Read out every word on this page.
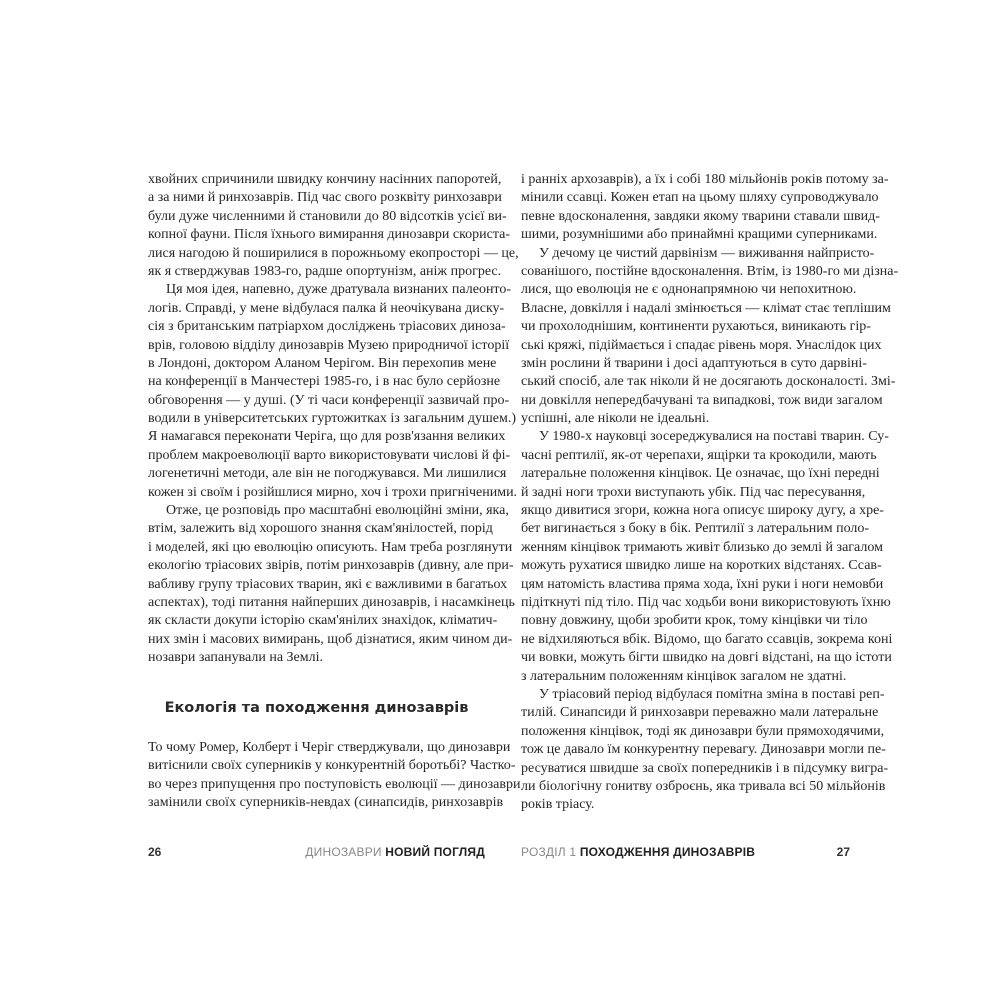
хвойних спричинили швидку кончину насінних папоротей,
а за ними й ринхозаврів. Під час свого розквіту ринхозаври
були дуже численними й становили до 80 відсотків усієї ви-
копної фауни. Після їхнього вимирання динозаври скориста-
лися нагодою й поширилися в порожньому екопросторі — це,
як я стверджував 1983-го, радше опортунізм, аніж прогрес.
Ця моя ідея, напевно, дуже дратувала визнаних палеонто-
логів. Справді, у мене відбулася палка й неочікувана диску-
сія з британським патріархом досліджень тріасових диноза-
врів, головою відділу динозаврів Музею природничої історії
в Лондоні, доктором Аланом Черігом. Він перехопив мене
на конференції в Манчестері 1985-го, і в нас було серйозне
обговорення — у душі. (У ті часи конференції зазвичай про-
водили в університетських гуртожитках із загальним душем.)
Я намагався переконати Черіга, що для розв'язання великих
проблем макроеволюції варто використовувати числові й фі-
логенетичні методи, але він не погоджувався. Ми лишилися
кожен зі своїм і розійшлися мирно, хоч і трохи пригніченими.
Отже, це розповідь про масштабні еволюційні зміни, яка,
втім, залежить від хорошого знання скам'янілостей, порід
і моделей, які цю еволюцію описують. Нам треба розглянути
екологію тріасових звірів, потім ринхозаврів (дивну, але при-
вабливу групу тріасових тварин, які є важливими в багатьох
аспектах), тоді питання найперших динозаврів, і насамкінець
як скласти докупи історію скам'янілих знахідок, кліматич-
них змін і масових вимирань, щоб дізнатися, яким чином ди-
нозаври запанували на Землі.
Екологія та походження динозаврів
То чому Ромер, Колберт і Черіг стверджували, що динозаври
витіснили своїх суперників у конкурентній боротьбі? Частко-
во через припущення про поступовість еволюції — динозаври
замінили своїх суперників-невдах (синапсидів, ринхозаврів
і ранніх архозаврів), а їх і собі 180 мільйонів років потому за-
мінили ссавці. Кожен етап на цьому шляху супроводжувало
певне вдосконалення, завдяки якому тварини ставали швид-
шими, розумнішими або принаймні кращими суперниками.
У дечому це чистий дарвінізм — виживання найпристо-
сованішого, постійне вдосконалення. Втім, із 1980-го ми дізна-
лися, що еволюція не є однонапрямною чи непохитною.
Власне, довкілля і надалі змінюється — клімат стає теплішим
чи прохолоднішим, континенти рухаються, виникають гір-
ські кряжі, підіймається і спадає рівень моря. Унаслідок цих
змін рослини й тварини і досі адаптуються в суто дарвіні-
ський спосіб, але так ніколи й не досягають досконалості. Змі-
ни довкілля непередбачувані та випадкові, тож види загалом
успішні, але ніколи не ідеальні.
У 1980-х науковці зосереджувалися на поставі тварин. Су-
часні рептилії, як-от черепахи, ящірки та крокодили, мають
латеральне положення кінцівок. Це означає, що їхні передні
й задні ноги трохи виступають убік. Під час пересування,
якщо дивитися згори, кожна нога описує широку дугу, а хре-
бет вигинається з боку в бік. Рептилії з латеральним поло-
женням кінцівок тримають живіт близько до землі й загалом
можуть рухатися швидко лише на коротких відстанях. Ссав-
цям натомість властива пряма хода, їхні руки і ноги немовби
підіткнуті під тіло. Під час ходьби вони використовують їхню
повну довжину, щоби зробити крок, тому кінцівки чи тіло
не відхиляються вбік. Відомо, що багато ссавців, зокрема коні
чи вовки, можуть бігти швидко на довгі відстані, на що істоти
з латеральним положенням кінцівок загалом не здатні.
У тріасовий період відбулася помітна зміна в поставі реп-
тилій. Синапсиди й ринхозаври переважно мали латеральне
положення кінцівок, тоді як динозаври були прямоходячими,
тож це давало їм конкурентну перевагу. Динозаври могли пе-
ресуватися швидше за своїх попередників і в підсумку вигра-
ли біологічну гонитву озброєнь, яка тривала всі 50 мільйонів
років тріасу.
26	ДИНОЗАВРИ НОВИЙ ПОГЛЯД	РОЗДІЛ 1 ПОХОДЖЕННЯ ДИНОЗАВРІВ	27
